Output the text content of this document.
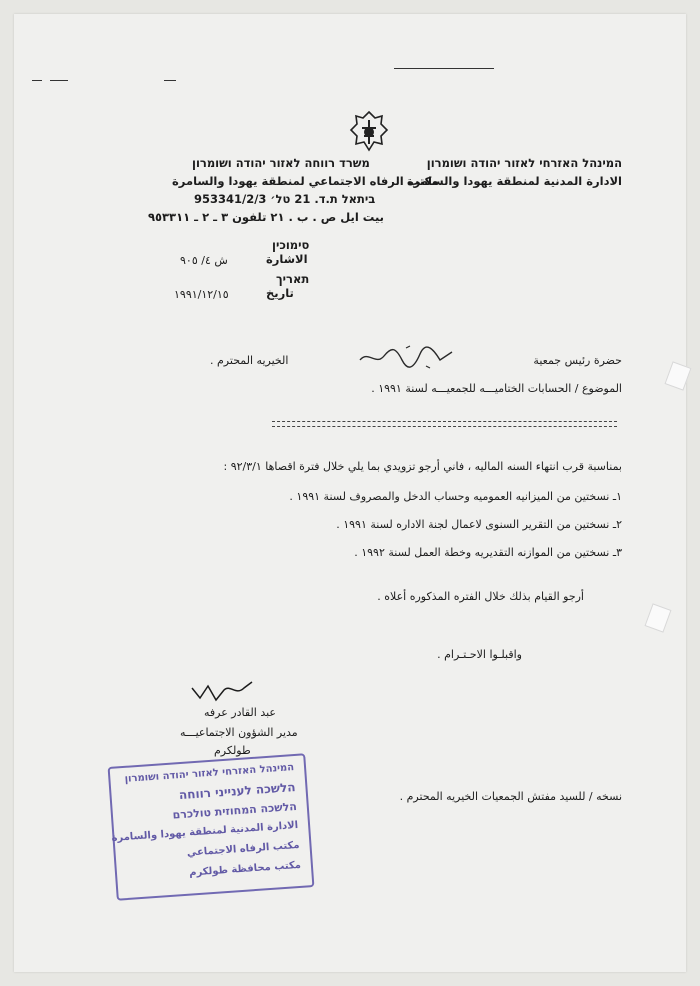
המינהל האזרחי לאזור יהודה ושומרון
الادارة المدنية لمنطقة يهودا والسامرة
משרד רווחה לאזור יהודה ושומרון
مكتب الرفاه الاجتماعي لمنطقة يهودا والسامرة
ביתאל ת.ד. 21 טל׳ 953341/2/3
بيت ايل ص . ب . ٢١ تلفون ٣ ـ ٢ ـ ٩٥٣٣١١
סימוכין
الاشارة
ش ٤/ ٩٠٥
תאריך
تاريخ
١٩٩١/١٢/١٥
حضرة رئيس جمعية
الخيريه المحترم .
الموضوع / الحسابات الختاميـــه للجمعيـــه لسنة ١٩٩١ .
بمناسبة قرب انتهاء السنه الماليه ، فاني أرجو تزويدي بما يلي خلال فترة اقصاها ٩٢/٣/١ :
١ـ نسختين من الميزانيه العموميه وحساب الدخل والمصروف لسنة ١٩٩١ .
٢ـ نسختين من التقرير السنوى لاعمال لجنة الاداره لسنة ١٩٩١ .
٣ـ نسختين من الموازنه التقديريه وخطة العمل لسنة ١٩٩٢ .
أرجو القيام بذلك خلال الفتره المذكوره أعلاه .
واقبلـوا الاحـتـرام .
عبد القادر عرفه
مدير الشؤون الاجتماعيـــه
طولكرم
نسخه / للسيد مفتش الجمعيات الخيريه المحترم .
המינהל האזרחי לאזור יהודה ושומרון
הלשכה לענייני רווחה
הלשכה המחוזית טולכרם
الادارة المدنية لمنطقة يهودا والسامرة
مكتب الرفاه الاجتماعي
مكتب محافظة طولكرم
